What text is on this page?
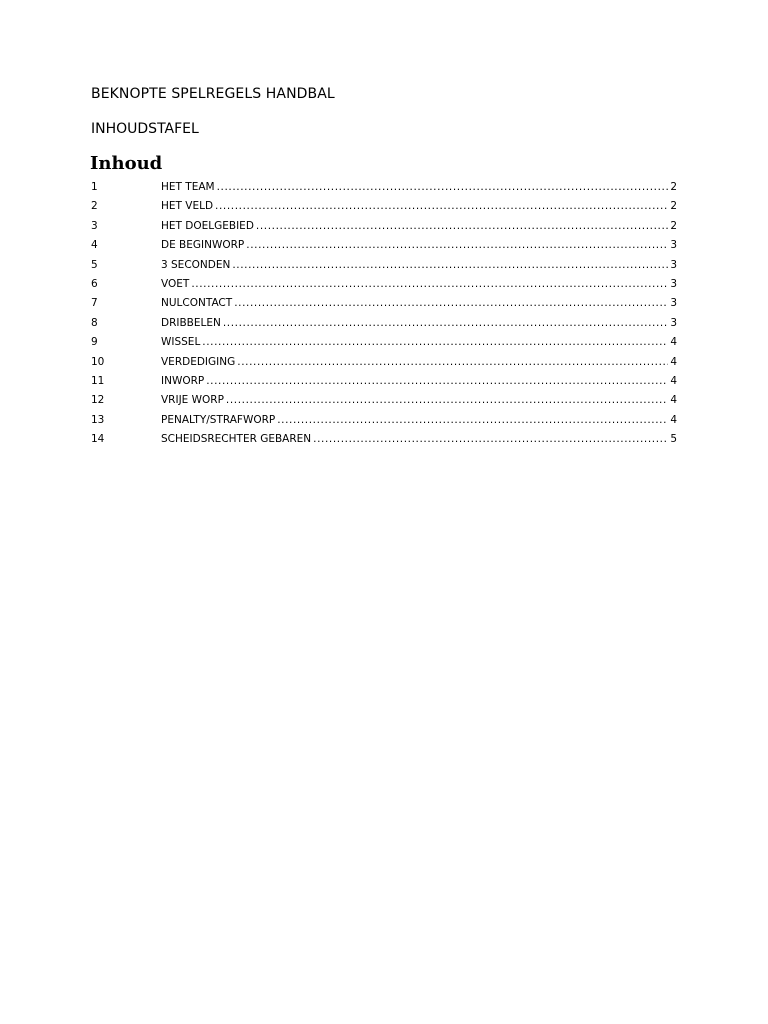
BEKNOPTE SPELREGELS HANDBAL
INHOUDSTAFEL
Inhoud
1	HET TEAM .....	2
2	HET VELD .....	2
3	HET DOELGEBIED .....	2
4	DE BEGINWORP .....	3
5	3 SECONDEN .....	3
6	VOET .....	3
7	NULCONTACT .....	3
8	DRIBBELEN .....	3
9	WISSEL .....	4
10	VERDEDIGING .....	4
11	INWORP .....	4
12	VRIJE WORP .....	4
13	PENALTY/STRAFWORP .....	4
14	SCHEIDSRECHTER GEBAREN .....	5
